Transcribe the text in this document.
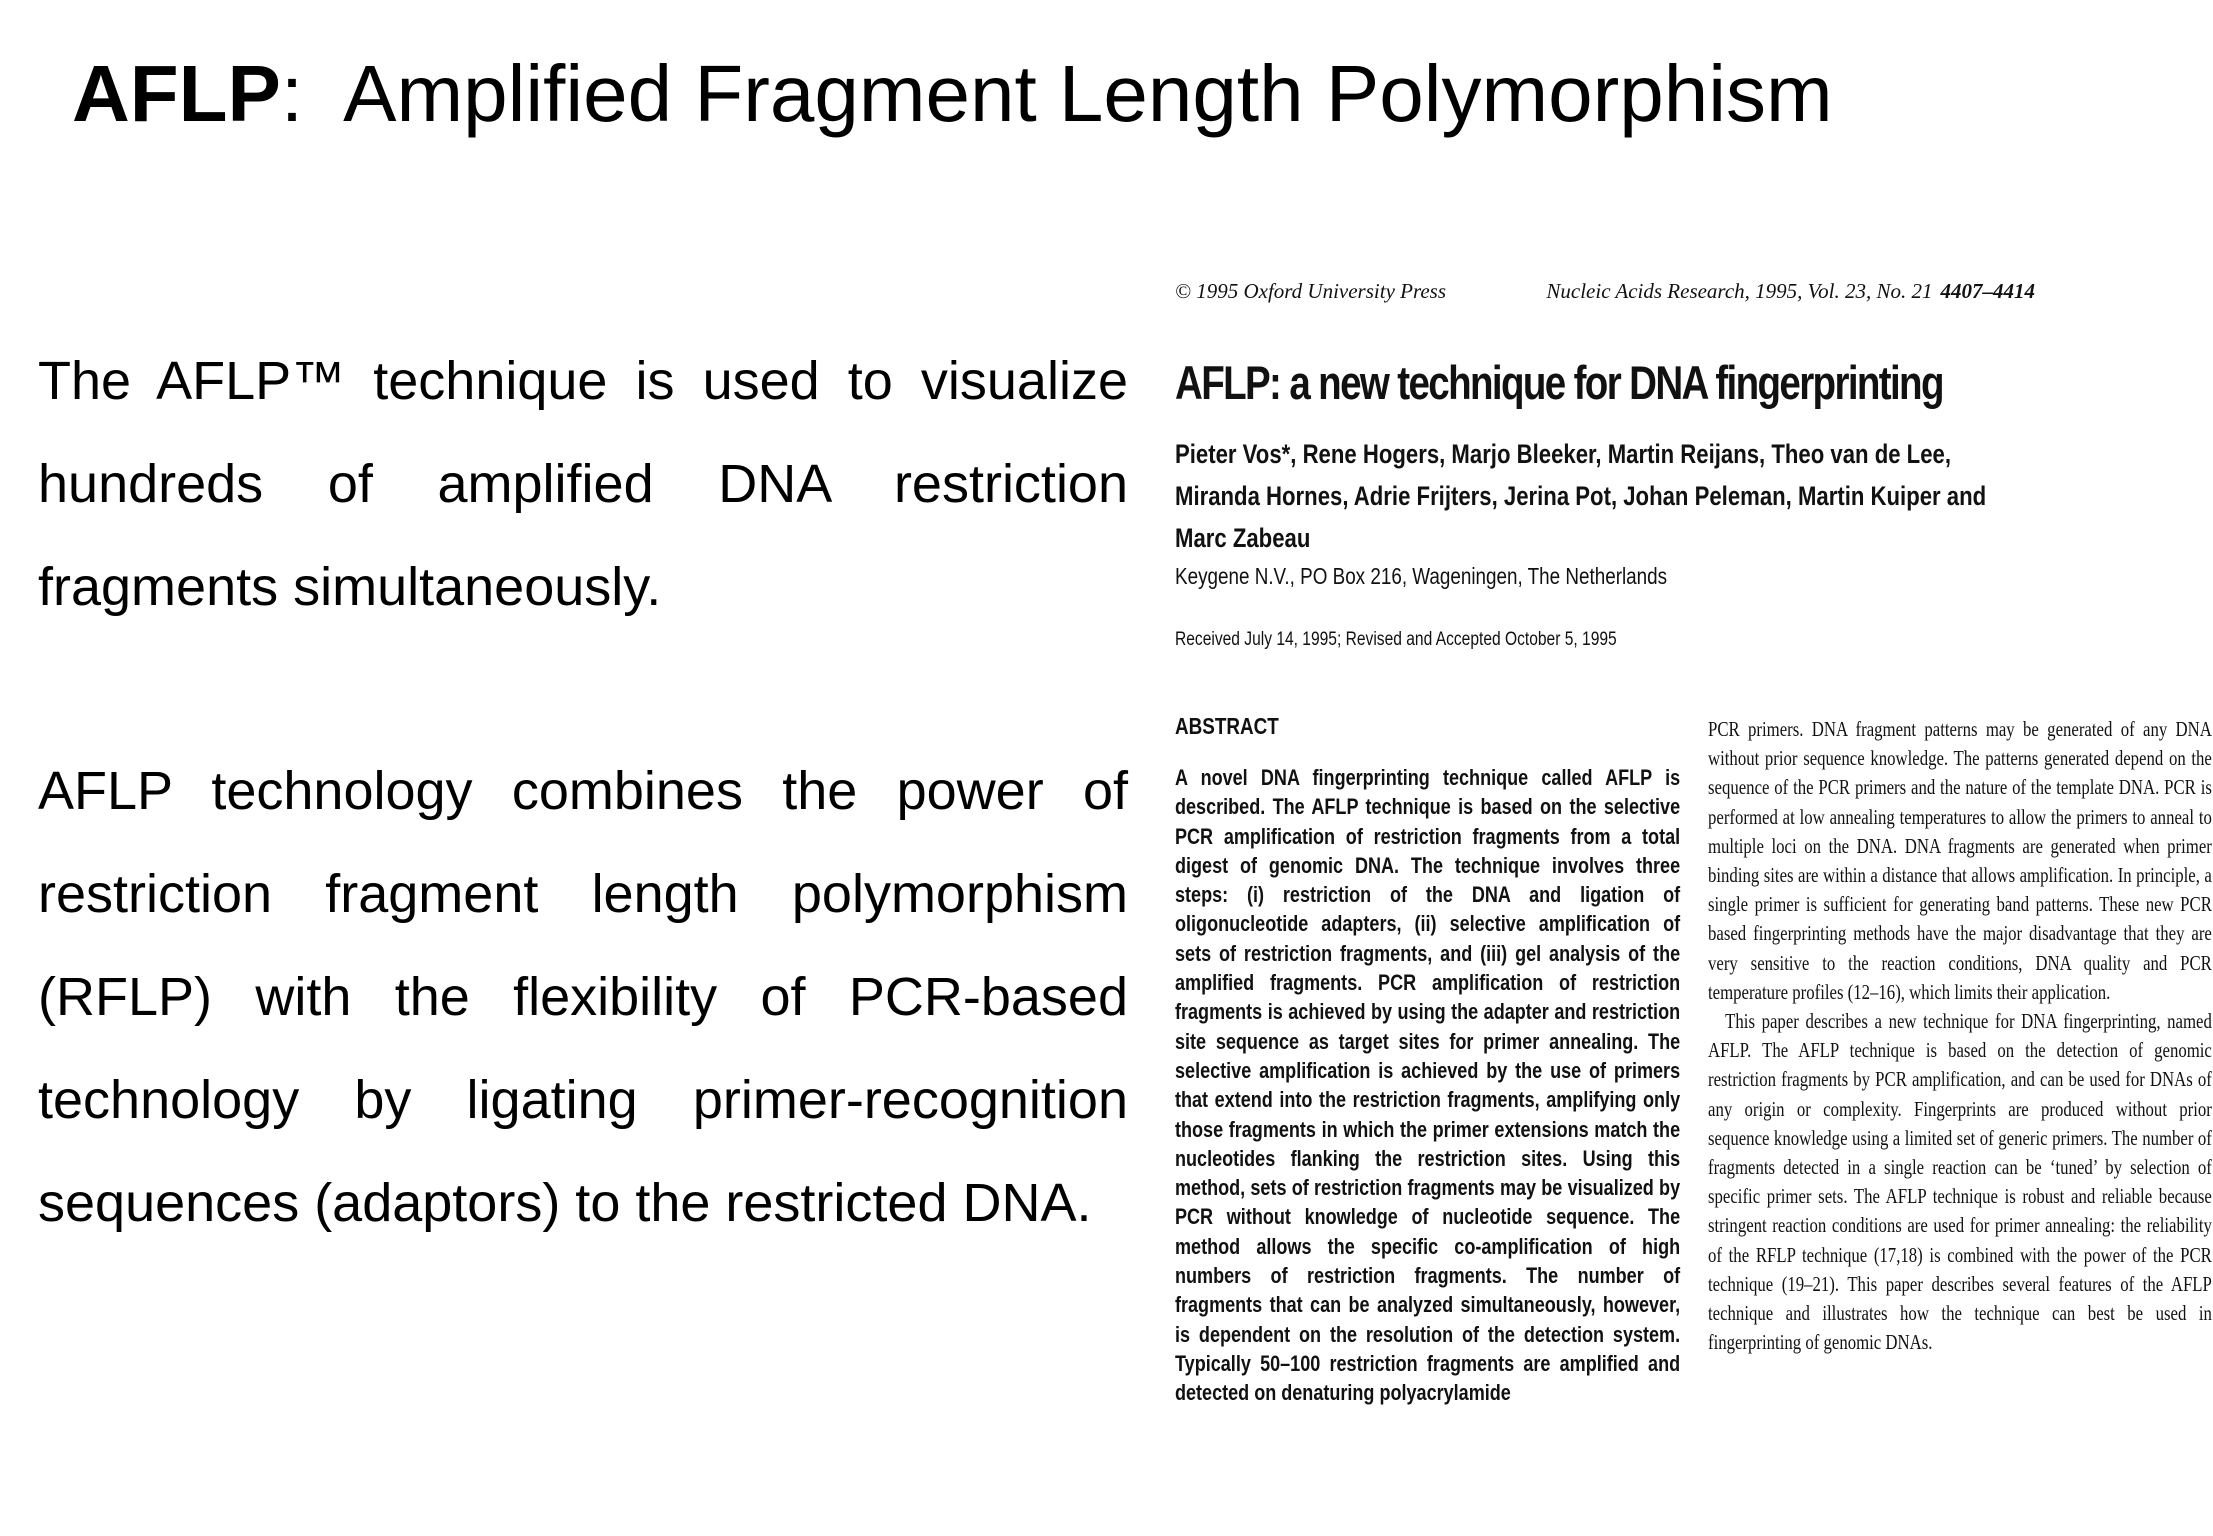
AFLP: Amplified Fragment Length Polymorphism
The AFLP™ technique is used to visualize hundreds of amplified DNA restriction fragments simultaneously.
AFLP technology combines the power of restriction fragment length polymorphism (RFLP) with the flexibility of PCR-based technology by ligating primer-recognition sequences (adaptors) to the restricted DNA.
© 1995 Oxford University Press	Nucleic Acids Research, 1995, Vol. 23, No. 21 4407–4414
AFLP: a new technique for DNA fingerprinting
Pieter Vos*, Rene Hogers, Marjo Bleeker, Martin Reijans, Theo van de Lee, Miranda Hornes, Adrie Frijters, Jerina Pot, Johan Peleman, Martin Kuiper and Marc Zabeau
Keygene N.V., PO Box 216, Wageningen, The Netherlands
Received July 14, 1995; Revised and Accepted October 5, 1995
ABSTRACT
A novel DNA fingerprinting technique called AFLP is described. The AFLP technique is based on the selective PCR amplification of restriction fragments from a total digest of genomic DNA. The technique involves three steps: (i) restriction of the DNA and ligation of oligonucleotide adapters, (ii) selective amplification of sets of restriction fragments, and (iii) gel analysis of the amplified fragments. PCR amplification of restriction fragments is achieved by using the adapter and restriction site sequence as target sites for primer annealing. The selective amplification is achieved by the use of primers that extend into the restriction fragments, amplifying only those fragments in which the primer extensions match the nucleotides flanking the restriction sites. Using this method, sets of restriction fragments may be visualized by PCR without knowledge of nucleotide sequence. The method allows the specific co-amplification of high numbers of restriction fragments. The number of fragments that can be analyzed simultaneously, however, is dependent on the resolution of the detection system. Typically 50–100 restriction fragments are amplified and detected on denaturing polyacrylamide

PCR primers. DNA fragment patterns may be generated of any DNA without prior sequence knowledge. The patterns generated depend on the sequence of the PCR primers and the nature of the template DNA. PCR is performed at low annealing temperatures to allow the primers to anneal to multiple loci on the DNA. DNA fragments are generated when primer binding sites are within a distance that allows amplification. In principle, a single primer is sufficient for generating band patterns. These new PCR based fingerprinting methods have the major disadvantage that they are very sensitive to the reaction conditions, DNA quality and PCR temperature profiles (12–16), which limits their application.

This paper describes a new technique for DNA fingerprinting, named AFLP. The AFLP technique is based on the detection of genomic restriction fragments by PCR amplification, and can be used for DNAs of any origin or complexity. Fingerprints are produced without prior sequence knowledge using a limited set of generic primers. The number of fragments detected in a single reaction can be ‘tuned’ by selection of specific primer sets. The AFLP technique is robust and reliable because stringent reaction conditions are used for primer annealing: the reliability of the RFLP technique (17,18) is combined with the power of the PCR technique (19–21). This paper describes several features of the AFLP technique and illustrates how the technique can best be used in fingerprinting of genomic DNAs.
